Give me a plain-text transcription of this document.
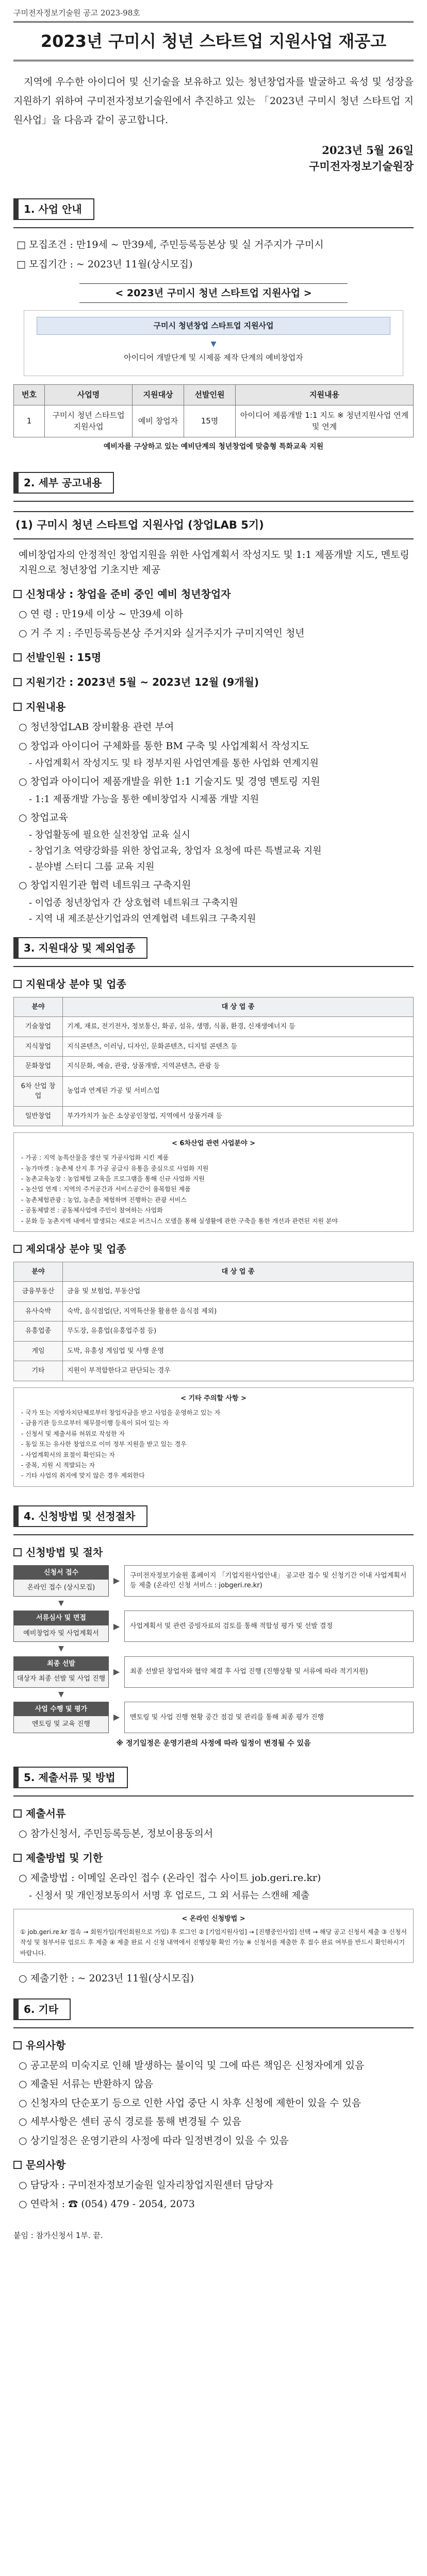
구미전자정보기술원 공고 2023-98호
2023년 구미시 청년 스타트업 지원사업 재공고

지역에 우수한 아이디어 및 신기술을 보유하고 있는 청년창업자를 발굴하고 육성 및 성장을 지원하기 위하여 구미전자정보기술원에서 추진하고 있는 「2023년 구미시 청년 스타트업 지원사업」을 다음과 같이 공고합니다.

2023년 5월 26일
구미전자정보기술원장
1. 사업 안내
□ 모집조건 : 만19세 ~ 만39세, 주민등록등본상 및 실 거주지가 구미시
□ 모집기간 : ~ 2023년 11월(상시모집)
< 2023년 구미시 청년 스타트업 지원사업 >
구미시 청년창업 스타트업 지원사업
▼
아이디어 개발단계 및 시제품 제작 단계의 예비창업자
번호	사업명	지원대상	선발인원	지원내용
1	구미시 청년 스타트업 지원사업	예비 창업자	15명	아이디어 제품개발 1:1 지도 ※ 청년지원사업 연계 및 연계
예비자를 구상하고 있는 예비단계의 청년창업에 맞춤형 특화교육 지원
2. 세부 공고내용
(1) 구미시 청년 스타트업 지원사업 (창업LAB 5기)

예비창업자의 안정적인 창업지원을 위한 사업계획서 작성지도 및 1:1 제품개발 지도, 멘토링 지원으로 청년창업 기초지반 제공

신청대상 : 창업을 준비 중인 예비 청년창업자
○ 연 령 : 만19세 이상 ~ 만39세 이하
○ 거 주 지 : 주민등록등본상 주거지와 실거주지가 구미지역인 청년
선발인원 : 15명
지원기간 : 2023년 5월 ~ 2023년 12월 (9개월)
지원내용
○ 청년창업LAB 장비활용 관련 부여
○ 창업과 아이디어 구체화를 통한 BM 구축 및 사업계획서 작성지도
- 사업계획서 작성지도 및 타 정부지원 사업연계를 통한 사업화 연계지원
○ 창업과 아이디어 제품개발을 위한 1:1 기술지도 및 경영 멘토링 지원
- 1:1 제품개발 가능을 통한 예비창업자 시제품 개발 지원
○ 창업교육
- 창업활동에 필요한 실전창업 교육 실시
- 창업기초 역량강화를 위한 창업교육, 창업자 요청에 따른 특별교육 지원
- 분야별 스터디 그룹 교육 지원
○ 창업지원기관 협력 네트워크 구축지원
- 이업종 청년창업자 간 상호협력 네트워크 구축지원
- 지역 내 제조분산기업과의 연계협력 네트워크 구축지원
3. 지원대상 및 제외업종
지원대상 분야 및 업종
분야	대 상 업 종
기술창업	기계, 재료, 전기전자, 정보통신, 화공, 섬유, 생명, 식품, 환경, 신재생에너지 등
지식창업	지식콘텐츠, 이러닝, 디자인, 문화콘텐츠, 디지털 콘텐츠 등
문화창업	지식문화, 예술, 관광, 상품개발, 지역콘텐츠, 관광 등
6차 산업 창업	농업과 연계된 가공 및 서비스업
일반창업	부가가치가 높은 소상공인창업, 지역에서 상품거래 등
< 6차산업 관련 사업분야 >
- 가공 : 지역 농특산물을 생산 및 가공사업화 시킨 제품
- 농가마켓 : 농촌체 산지 후 가공 공급사 유통을 중심으로 사업화 지원
- 농촌교육농장 : 농업체험 교육을 프로그램을 통해 신규 사업화 지원
- 농산업 연계 : 지역의 주거공간과 서비스공간이 융복합된 제품
- 농촌체험관광 : 농업, 농촌을 체험하며 진행하는 관광 서비스
- 공동체발전 : 공동체사업에 주민이 참여하는 사업화
- 문화 등 농촌지역 내에서 발생되는 새로운 비즈니스 모델을 통해 실생활에 관한 구축을 통한 개선과 관련된 지원 분야
제외대상 분야 및 업종
분야	대 상 업 종
금융부동산	금융 및 보험업, 부동산업
유사숙박	숙박, 음식점업(단, 지역특산물 활용한 음식점 제외)
유흥업종	무도장, 유흥업(유흥업주점 등)
게임	도박, 유흥성 게임업 및 사행 운영
기타	지원이 부적합한다고 판단되는 경우
< 기타 주의할 사항 >
- 국가 또는 지방자치단체로부터 창업자금을 받고 사업을 운영하고 있는 자
- 금융기관 등으로부터 채무불이행 등록이 되어 있는 자
- 신청서 및 제출서류 허위로 작성한 자
- 동일 또는 유사한 창업으로 이미 정부 지원을 받고 있는 경우
- 사업계획서의 표절이 확인되는 자
- 중복, 지원 시 적발되는 자
- 기타 사업의 취지에 맞지 않은 경우 제외한다
4. 신청방법 및 선정절차
신청방법 및 절차
신청서 접수
온라인 접수 (상시모집)
▶	구미전자정보기술원 홈페이지 「기업지원사업안내」 공고란 접수 및 신청기간 이내 사업계획서 등 제출 (온라인 신청 서비스 : jobgeri.re.kr)
▼
서류심사 및 면접
예비창업자 및 사업계획서
▶	사업계획서 및 관련 증빙자료의 검토를 통해 적합성 평가 및 선발 결정
▼
최종 선발
대상자 최종 선발 및 사업 진행
▶	최종 선발된 창업자와 협약 체결 후 사업 진행 (진행상황 및 서류에 따라 적기지원)
▼
사업 수행 및 평가
멘토링 및 교육 진행
▶	멘토링 및 사업 진행 현황 중간 점검 및 관리를 통해 최종 평가 진행
※ 정기일정은 운영기관의 사정에 따라 일정이 변경될 수 있음
5. 제출서류 및 방법
제출서류
○ 참가신청서, 주민등록등본, 정보이용동의서
제출방법 및 기한
○ 제출방법 : 이메일 온라인 접수 (온라인 접수 사이트 job.geri.re.kr)
- 신청서 및 개인정보동의서 서명 후 업로드, 그 외 서류는 스캔해 제출
< 온라인 신청방법 >
① job.geri.re.kr 접속 → 회원가입(개인회원으로 가입) 후 로그인 ② [기업지원사업] → [진행중인사업] 선택 → 해당 공고 신청서 제출 ③ 신청서 작성 및 첨부서류 업로드 후 제출 ④ 제출 완료 시 신청 내역에서 진행상황 확인 가능 ※ 신청서를 제출한 후 접수 완료 여부를 반드시 확인하시기 바랍니다.
○ 제출기한 : ~ 2023년 11월(상시모집)
6. 기타
유의사항
○ 공고문의 미숙지로 인해 발생하는 불이익 및 그에 따른 책임은 신청자에게 있음
○ 제출된 서류는 반환하지 않음
○ 신청자의 단순포기 등으로 인한 사업 중단 시 차후 신청에 제한이 있을 수 있음
○ 세부사항은 센터 공식 경로를 통해 변경될 수 있음
○ 상기일정은 운영기관의 사정에 따라 일정변경이 있을 수 있음
문의사항
○ 담당자 : 구미전자정보기술원 일자리창업지원센터 담당자
○ 연락처 : ☎ (054) 479 - 2054, 2073
붙임 : 참가신청서 1부. 끝.
